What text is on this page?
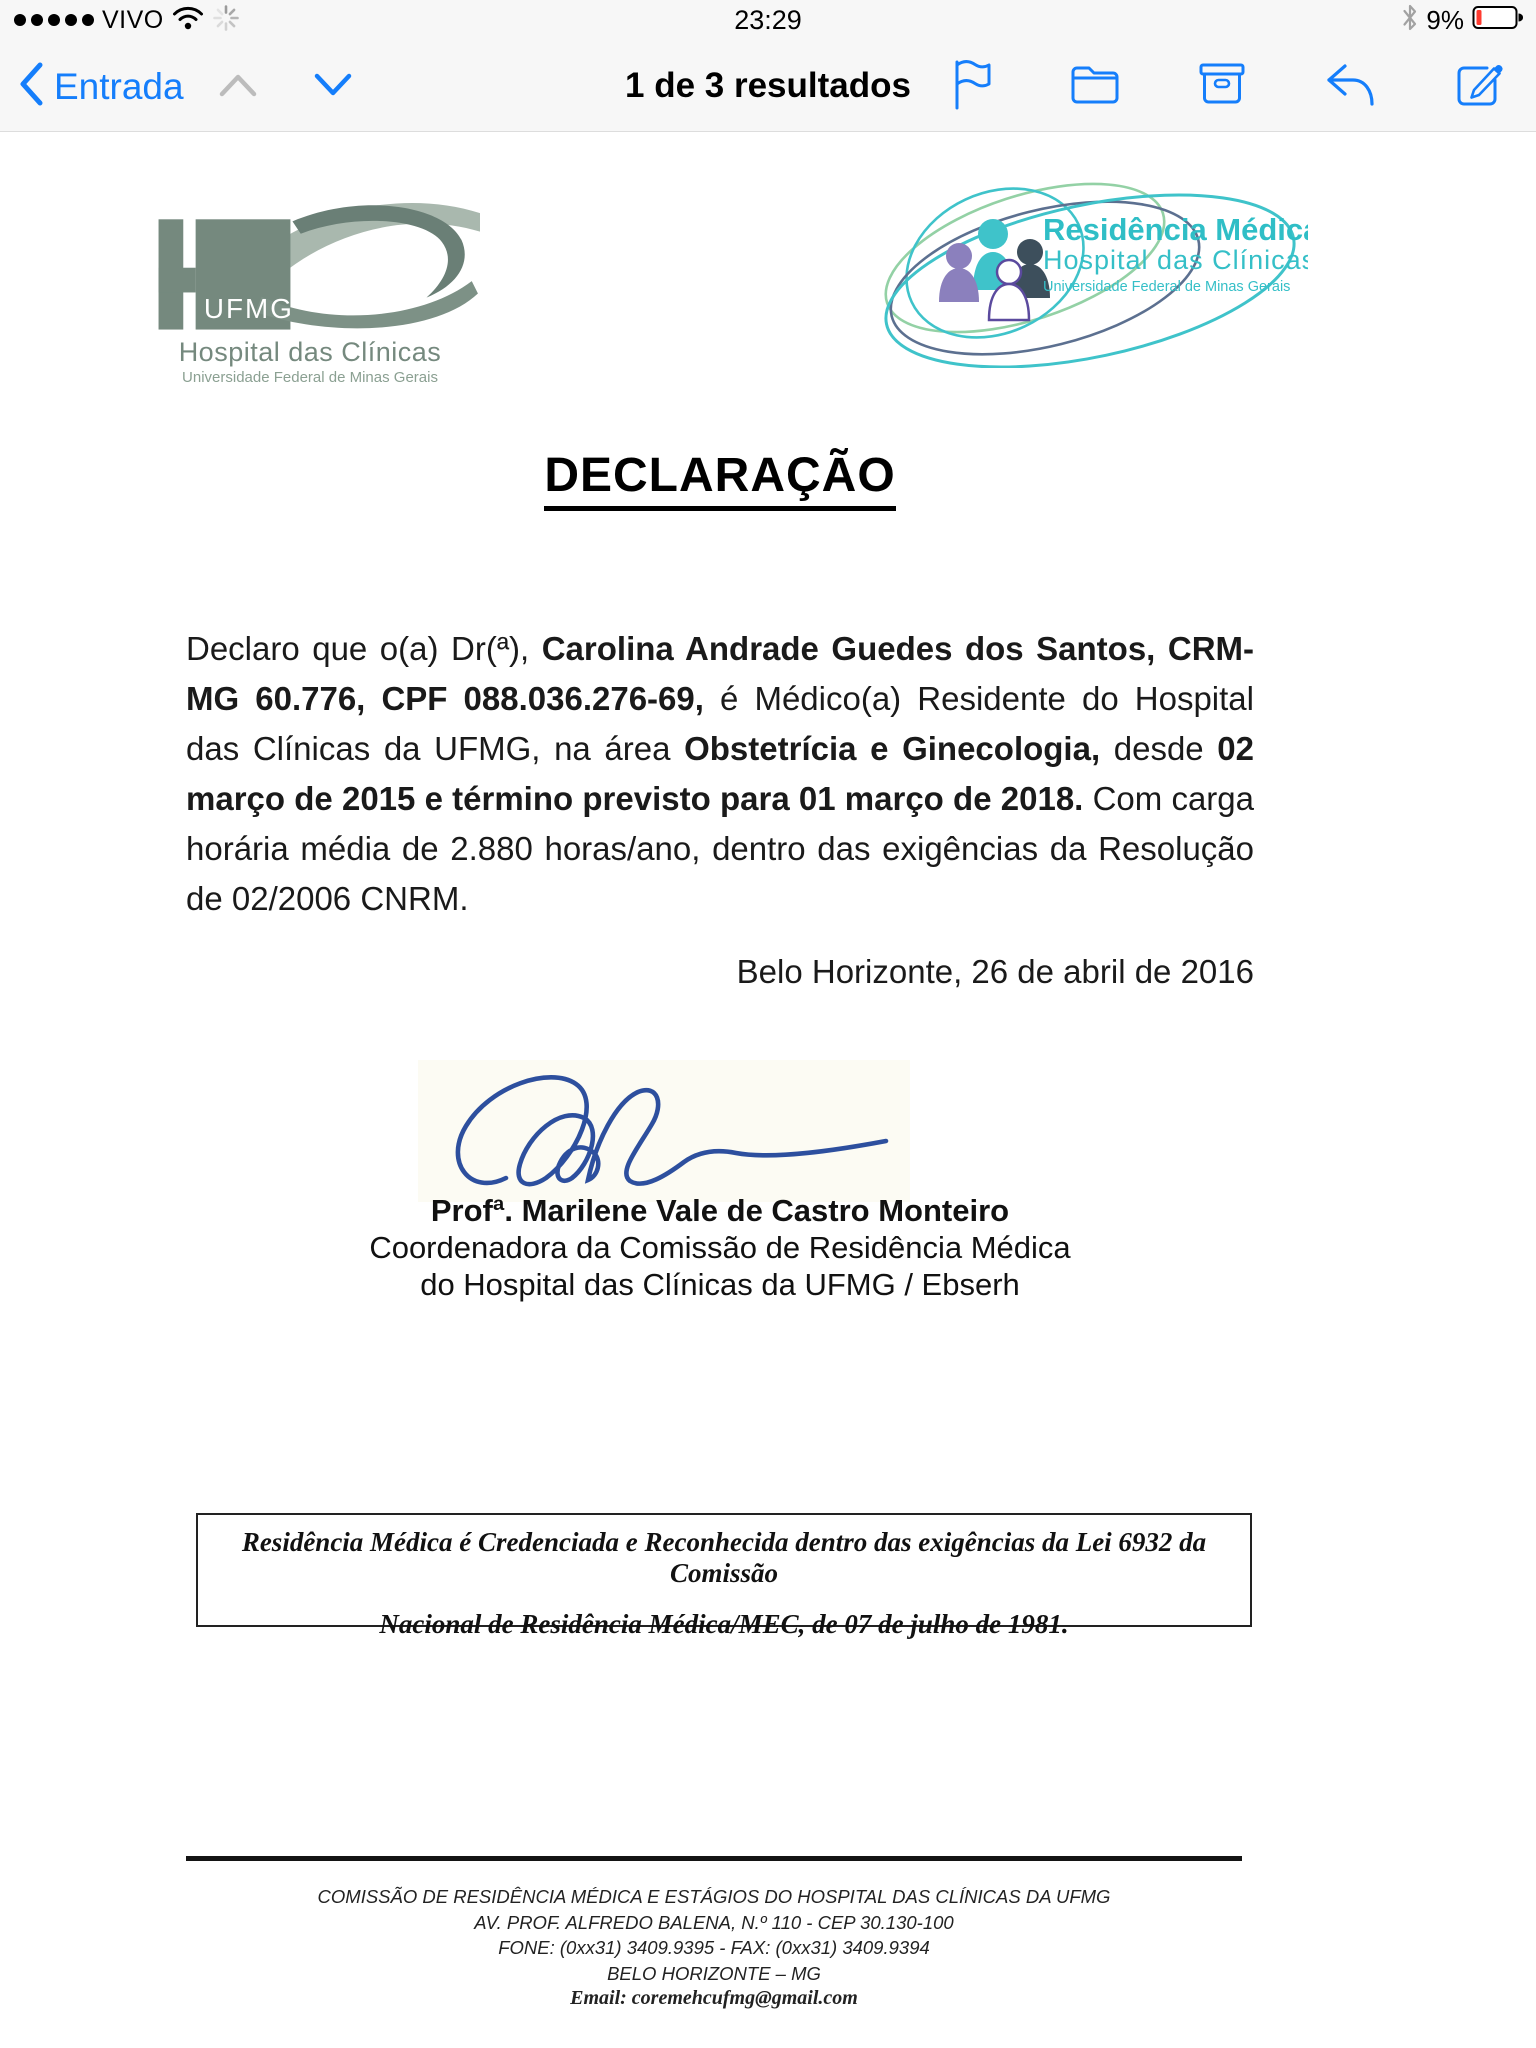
VIVO	23:29	9%
Entrada	1 de 3 resultados
UFMG
Hospital das Clínicas
Universidade Federal de Minas Gerais
Residência Médica
Hospital das Clínicas
Universidade Federal de Minas Gerais
DECLARAÇÃO

Declaro que o(a) Dr(ª), Carolina Andrade Guedes dos Santos, CRM-MG 60.776, CPF 088.036.276-69, é Médico(a) Residente do Hospital das Clínicas da UFMG, na área Obstetrícia e Ginecologia, desde 02 março de 2015 e término previsto para 01 março de 2018. Com carga horária média de 2.880 horas/ano, dentro das exigências da Resolução de 02/2006 CNRM.

Belo Horizonte, 26 de abril de 2016
Profª. Marilene Vale de Castro Monteiro
Coordenadora da Comissão de Residência Médica
do Hospital das Clínicas da UFMG / Ebserh
Residência Médica é Credenciada e Reconhecida dentro das exigências da Lei 6932 da Comissão
Nacional de Residência Médica/MEC, de 07 de julho de 1981.
COMISSÃO DE RESIDÊNCIA MÉDICA E ESTÁGIOS DO HOSPITAL DAS CLÍNICAS DA UFMG
AV. PROF. ALFREDO BALENA, N.º 110 - CEP 30.130-100
FONE: (0xx31) 3409.9395 - FAX: (0xx31) 3409.9394
BELO HORIZONTE – MG
Email: coremehcufmg@gmail.com
